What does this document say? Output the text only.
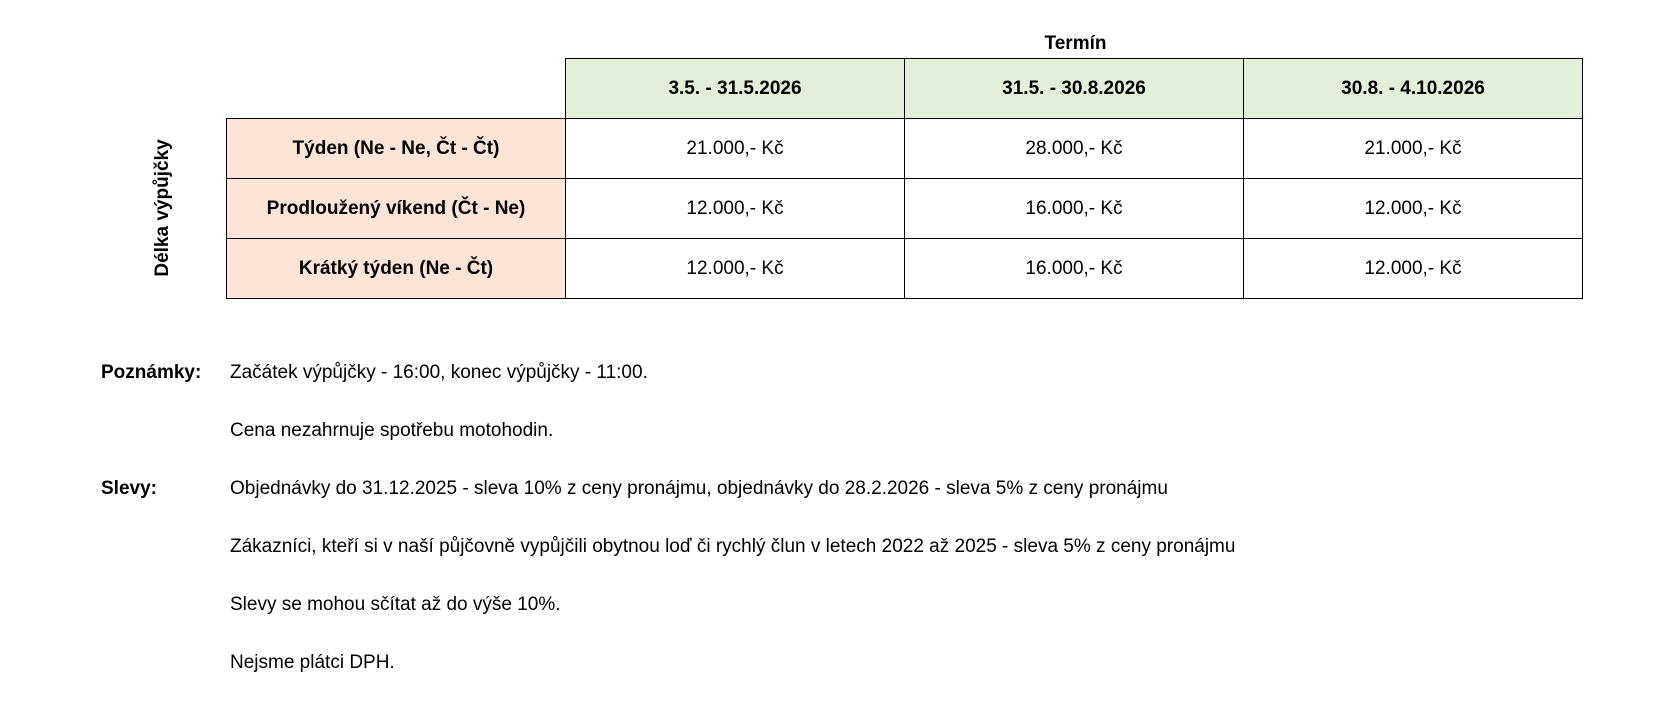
Termín
Délka výpůjčky
	3.5. - 31.5.2026	31.5. - 30.8.2026	30.8. - 4.10.2026
Týden (Ne - Ne, Čt - Čt)	21.000,- Kč	28.000,- Kč	21.000,- Kč
Prodloužený víkend (Čt - Ne)	12.000,- Kč	16.000,- Kč	12.000,- Kč
Krátký týden (Ne - Čt)	12.000,- Kč	16.000,- Kč	12.000,- Kč
Poznámky: Začátek výpůjčky - 16:00, konec výpůjčky - 11:00.
Cena nezahrnuje spotřebu motohodin.
Slevy:	Objednávky do 31.12.2025 - sleva 10% z ceny pronájmu, objednávky do 28.2.2026 - sleva 5% z ceny pronájmu
Zákazníci, kteří si v naší půjčovně vypůjčili obytnou loď či rychlý člun v letech 2022 až 2025 - sleva 5% z ceny pronájmu
Slevy se mohou sčítat až do výše 10%.
Nejsme plátci DPH.
